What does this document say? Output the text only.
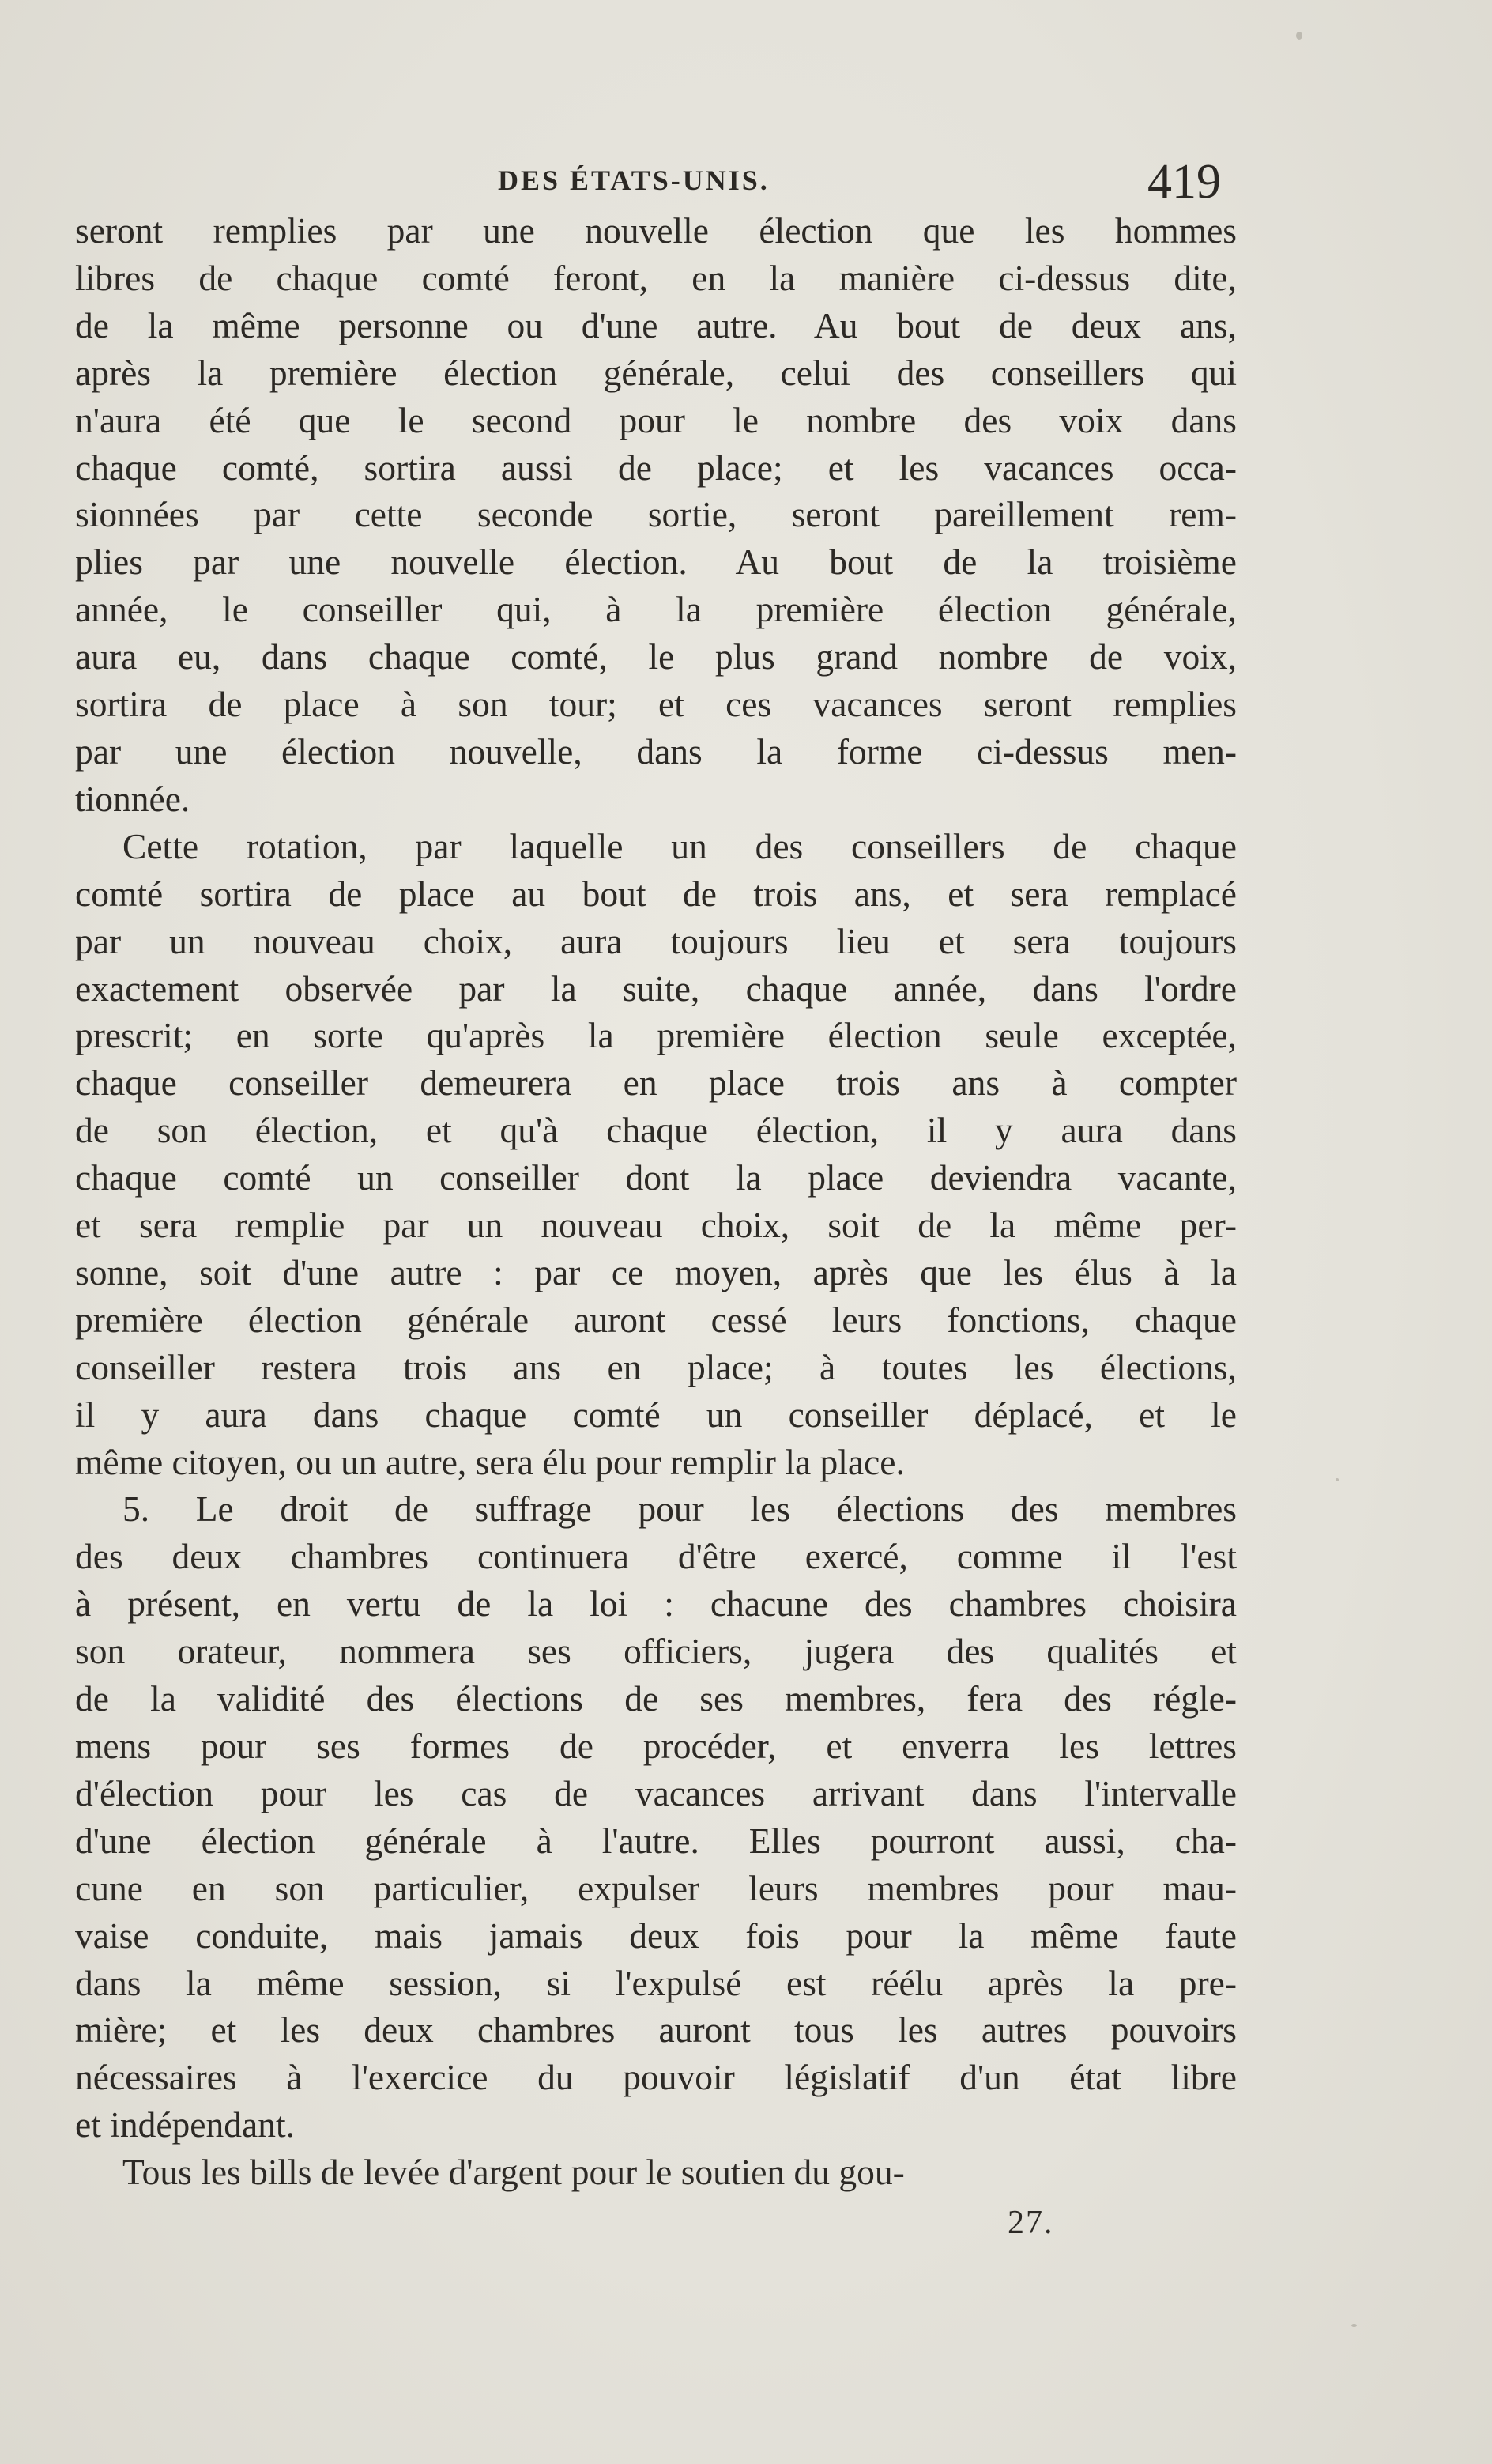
DES ÉTATS-UNIS.	419
seront remplies par une nouvelle élection que les hommes
libres de chaque comté feront, en la manière ci-dessus dite,
de la même personne ou d'une autre. Au bout de deux ans,
après la première élection générale, celui des conseillers qui
n'aura été que le second pour le nombre des voix dans
chaque comté, sortira aussi de place; et les vacances occa-
sionnées par cette seconde sortie, seront pareillement rem-
plies par une nouvelle élection. Au bout de la troisième
année, le conseiller qui, à la première élection générale,
aura eu, dans chaque comté, le plus grand nombre de voix,
sortira de place à son tour; et ces vacances seront remplies
par une élection nouvelle, dans la forme ci-dessus men-
tionnée.
Cette rotation, par laquelle un des conseillers de chaque
comté sortira de place au bout de trois ans, et sera remplacé
par un nouveau choix, aura toujours lieu et sera toujours
exactement observée par la suite, chaque année, dans l'ordre
prescrit; en sorte qu'après la première élection seule exceptée,
chaque conseiller demeurera en place trois ans à compter
de son élection, et qu'à chaque élection, il y aura dans
chaque comté un conseiller dont la place deviendra vacante,
et sera remplie par un nouveau choix, soit de la même per-
sonne, soit d'une autre : par ce moyen, après que les élus à la
première élection générale auront cessé leurs fonctions, chaque
conseiller restera trois ans en place; à toutes les élections,
il y aura dans chaque comté un conseiller déplacé, et le
même citoyen, ou un autre, sera élu pour remplir la place.
5. Le droit de suffrage pour les élections des membres
des deux chambres continuera d'être exercé, comme il l'est
à présent, en vertu de la loi : chacune des chambres choisira
son orateur, nommera ses officiers, jugera des qualités et
de la validité des élections de ses membres, fera des régle-
mens pour ses formes de procéder, et enverra les lettres
d'élection pour les cas de vacances arrivant dans l'intervalle
d'une élection générale à l'autre. Elles pourront aussi, cha-
cune en son particulier, expulser leurs membres pour mau-
vaise conduite, mais jamais deux fois pour la même faute
dans la même session, si l'expulsé est réélu après la pre-
mière; et les deux chambres auront tous les autres pouvoirs
nécessaires à l'exercice du pouvoir législatif d'un état libre
et indépendant.
Tous les bills de levée d'argent pour le soutien du gou-
27.
